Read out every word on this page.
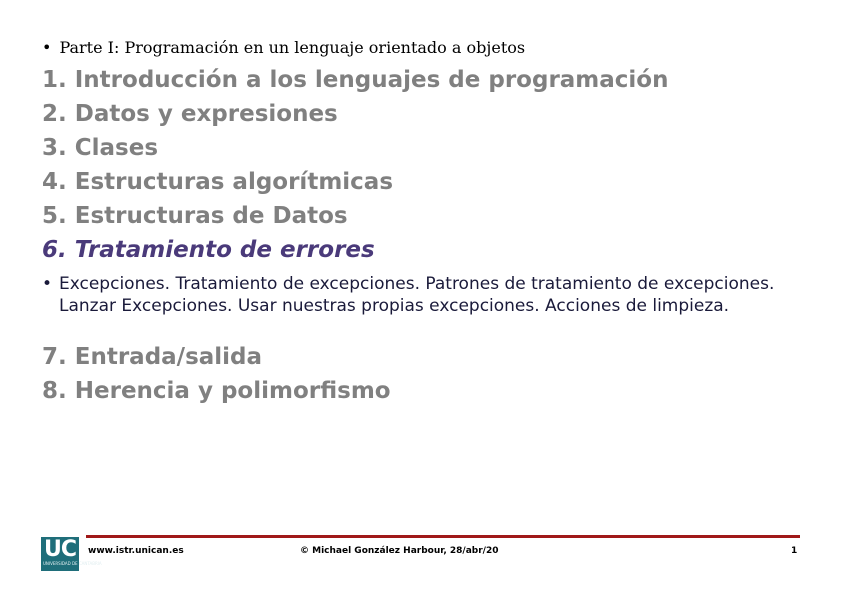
• Parte I: Programación en un lenguaje orientado a objetos
1. Introducción a los lenguajes de programación
2. Datos y expresiones
3. Clases
4. Estructuras algorítmicas
5. Estructuras de Datos
6. Tratamiento de errores
• Excepciones. Tratamiento de excepciones. Patrones de tratamiento de excepciones. Lanzar Excepciones. Usar nuestras propias excepciones. Acciones de limpieza.
7. Entrada/salida
8. Herencia y polimorfismo
UC
UNIVERSIDAD DE CANTABRIA
www.istr.unican.es	© Michael González Harbour, 28/abr/20	1
